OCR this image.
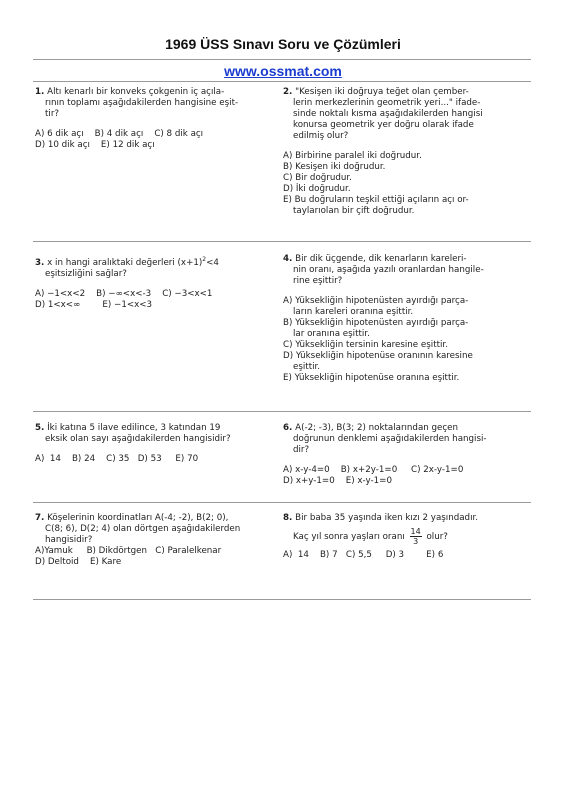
1969 ÜSS Sınavı Soru ve Çözümleri
www.ossmat.com

1. Altı kenarlı bir konveks çokgenin iç açıla-

rının toplamı aşağıdakilerden hangisine eşit-

tir?

A) 6 dik açı    B) 4 dik açı    C) 8 dik açı

D) 10 dik açı    E) 12 dik açı

2. "Kesişen iki doğruya teğet olan çember-

lerin merkezlerinin geometrik yeri..." ifade-

sinde noktalı kısma aşağıdakilerden hangisi

konursa geometrik yer doğru olarak ifade

edilmiş olur?

A) Birbirine paralel iki doğrudur.

B) Kesişen iki doğrudur.

C) Bir doğrudur.

D) İki doğrudur.

E) Bu doğruların teşkil ettiği açıların açı or-

taylarıolan bir çift doğrudur.

3. x in hangi aralıktaki değerleri $(x+1)^2<4$

eşitsizliğini sağlar?

A) −1<x<2    B) −∞<x<-3    C) −3<x<1

D) 1<x<∞        E) −1<x<3

4. Bir dik üçgende, dik kenarların kareleri-

nin oranı, aşağıda yazılı oranlardan hangile-

rine eşittir?

A) Yüksekliğin hipotenüsten ayırdığı parça-

ların kareleri oranına eşittir.

B) Yüksekliğin hipotenüsten ayırdığı parça-

lar oranına eşittir.

C) Yüksekliğin tersinin karesine eşittir.

D) Yüksekliğin hipotenüse oranının karesine

eşittir.

E) Yüksekliğin hipotenüse oranına eşittir.

5. İki katına 5 ilave edilince, 3 katından 19

eksik olan sayı aşağıdakilerden hangisidir?

A)  14    B) 24    C) 35   D) 53     E) 70

6. A(-2; -3), B(3; 2) noktalarından geçen

doğrunun denklemi aşağıdakilerden hangisi-

dir?

A) x-y-4=0    B) x+2y-1=0     C) 2x-y-1=0

D) x+y-1=0    E) x-y-1=0

7. Köşelerinin koordinatları A(-4; -2), B(2; 0),

C(8; 6), D(2; 4) olan dörtgen aşağıdakilerden

hangisidir?

A)Yamuk     B) Dikdörtgen   C) Paralelkenar

D) Deltoid    E) Kare

8. Bir baba 35 yaşında iken kızı 2 yaşındadır.

Kaç yıl sonra yaşları oranı $\frac{14}{3}$ olur?

A)  14    B) 7   C) 5,5     D) 3        E) 6
